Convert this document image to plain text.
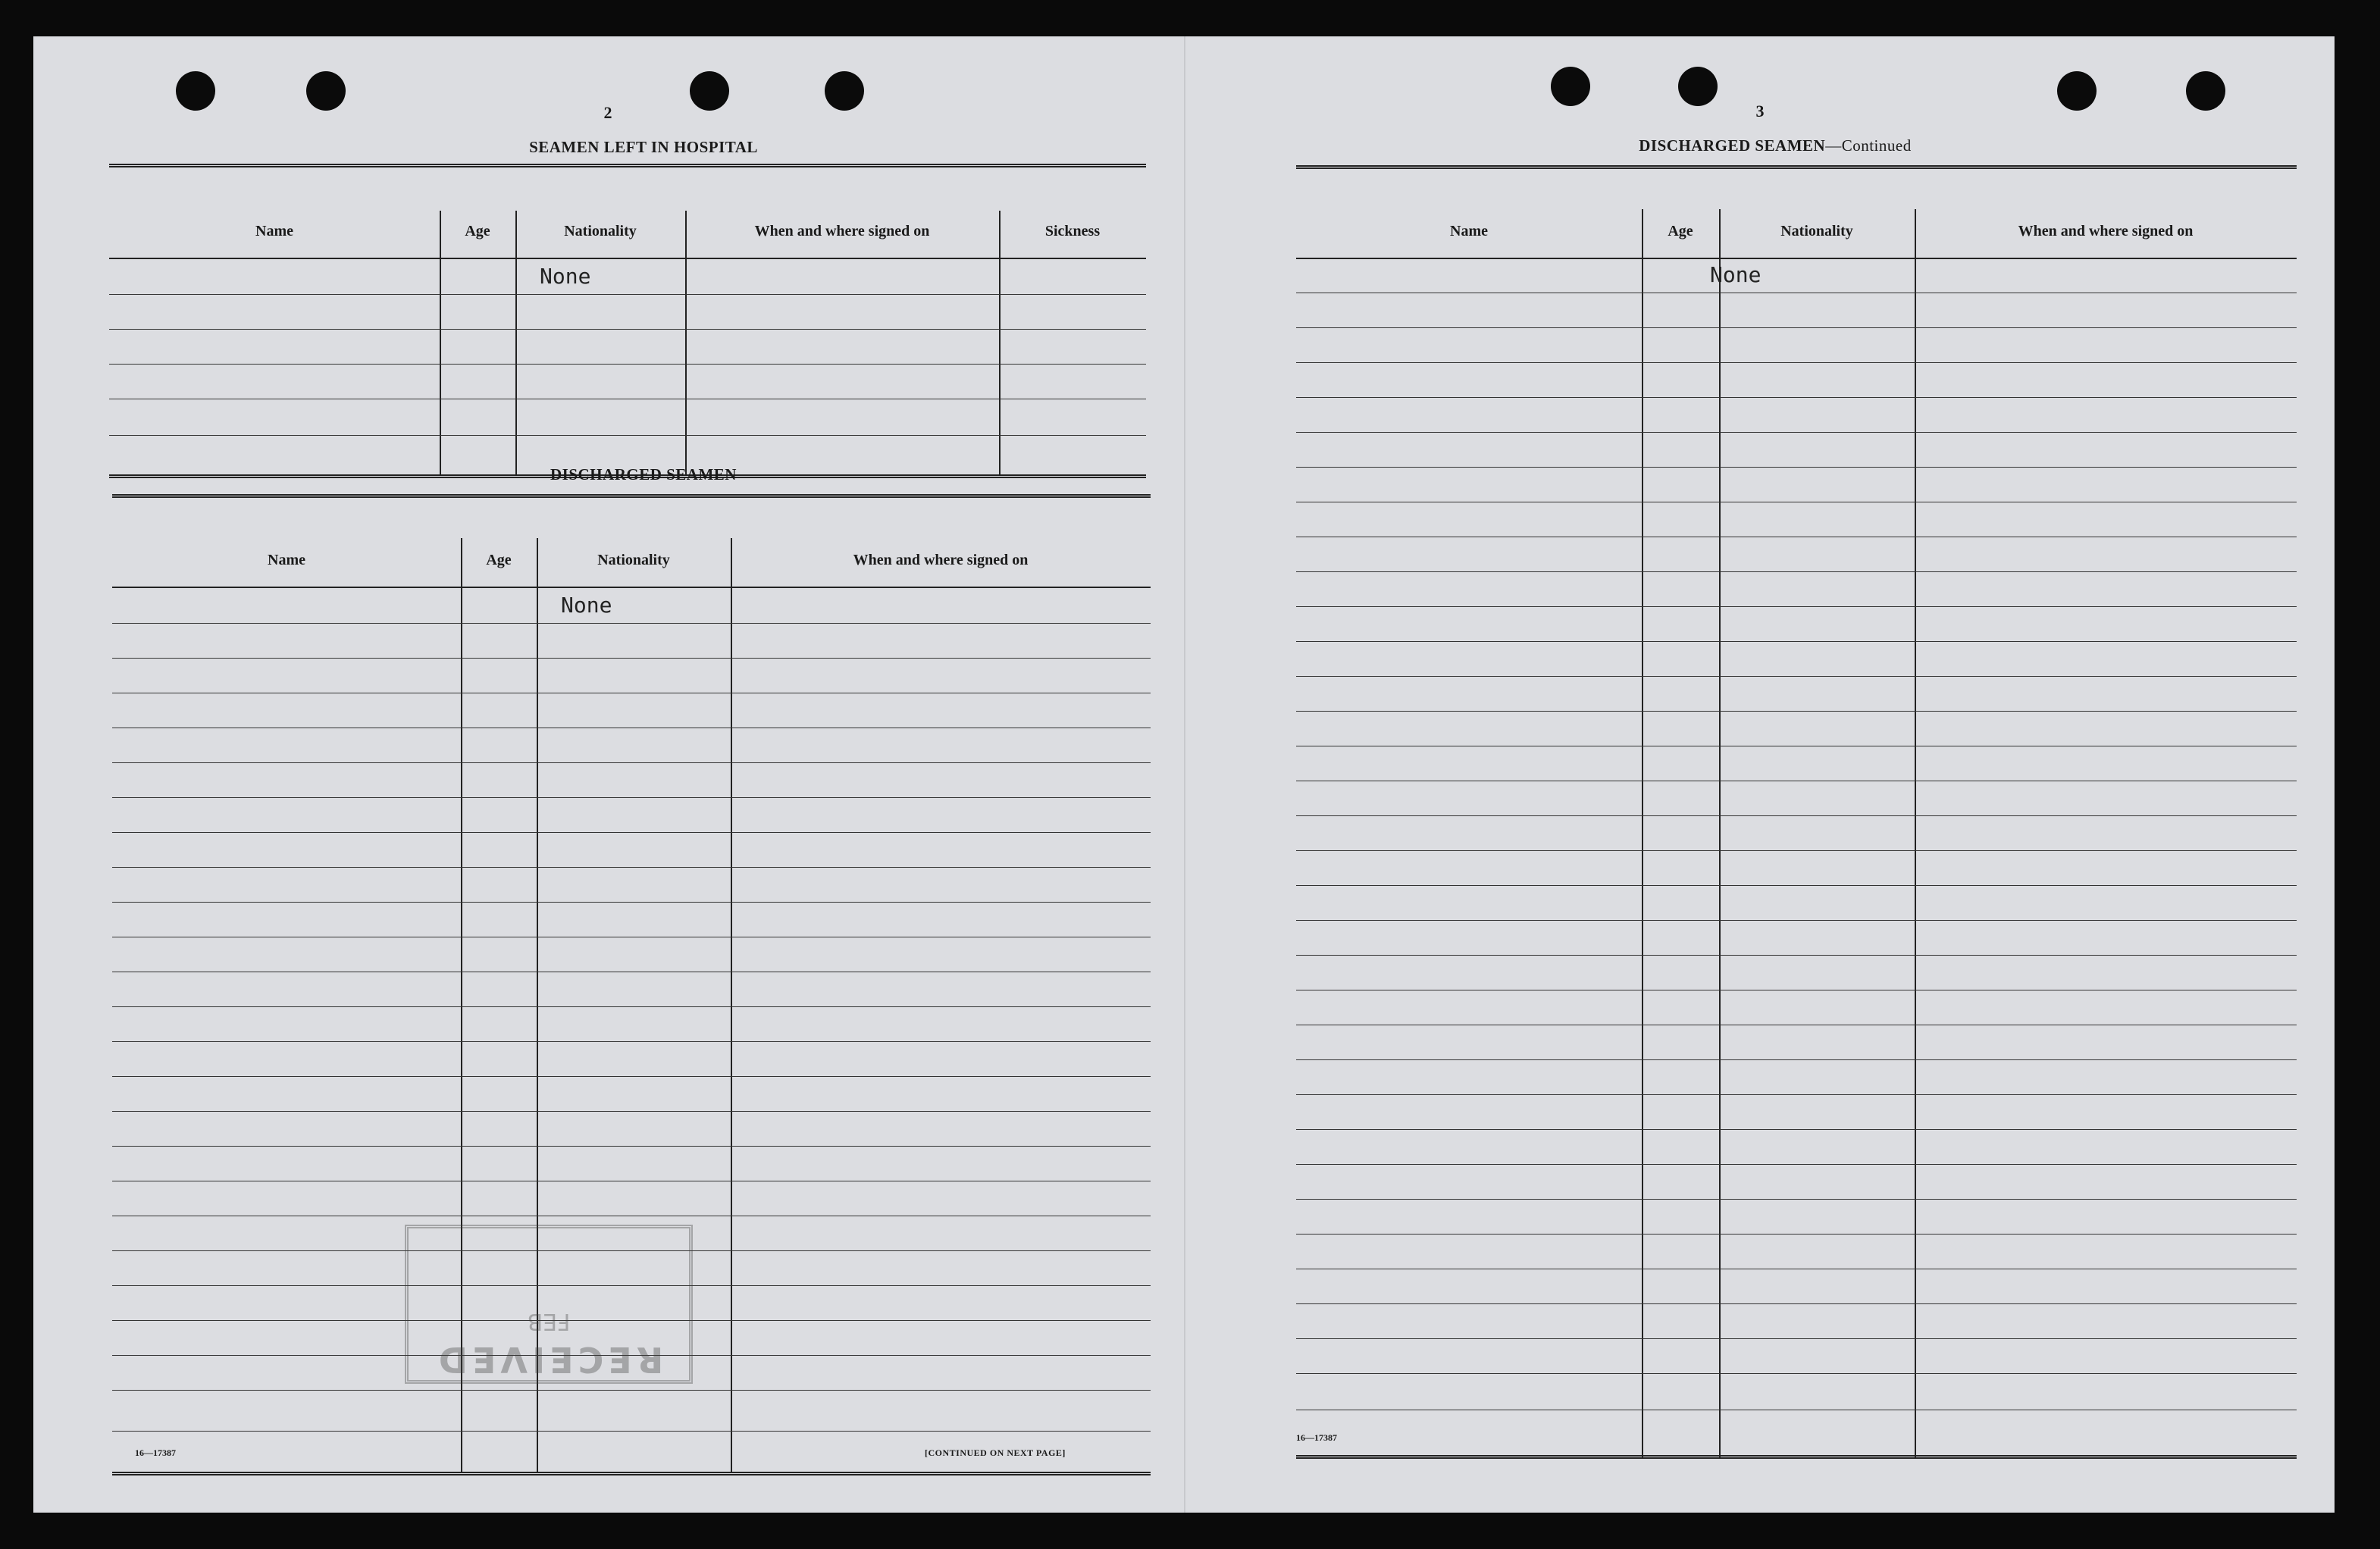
2
SEAMEN LEFT IN HOSPITAL
Name	Age	Nationality	When and where signed on	Sickness
None
DISCHARGED SEAMEN
Name	Age	Nationality	When and where signed on
None
RECEIVED
FEB
16—17387	[CONTINUED ON NEXT PAGE]
3
DISCHARGED SEAMEN—Continued
Name	Age	Nationality	When and where signed on
None
16—17387
